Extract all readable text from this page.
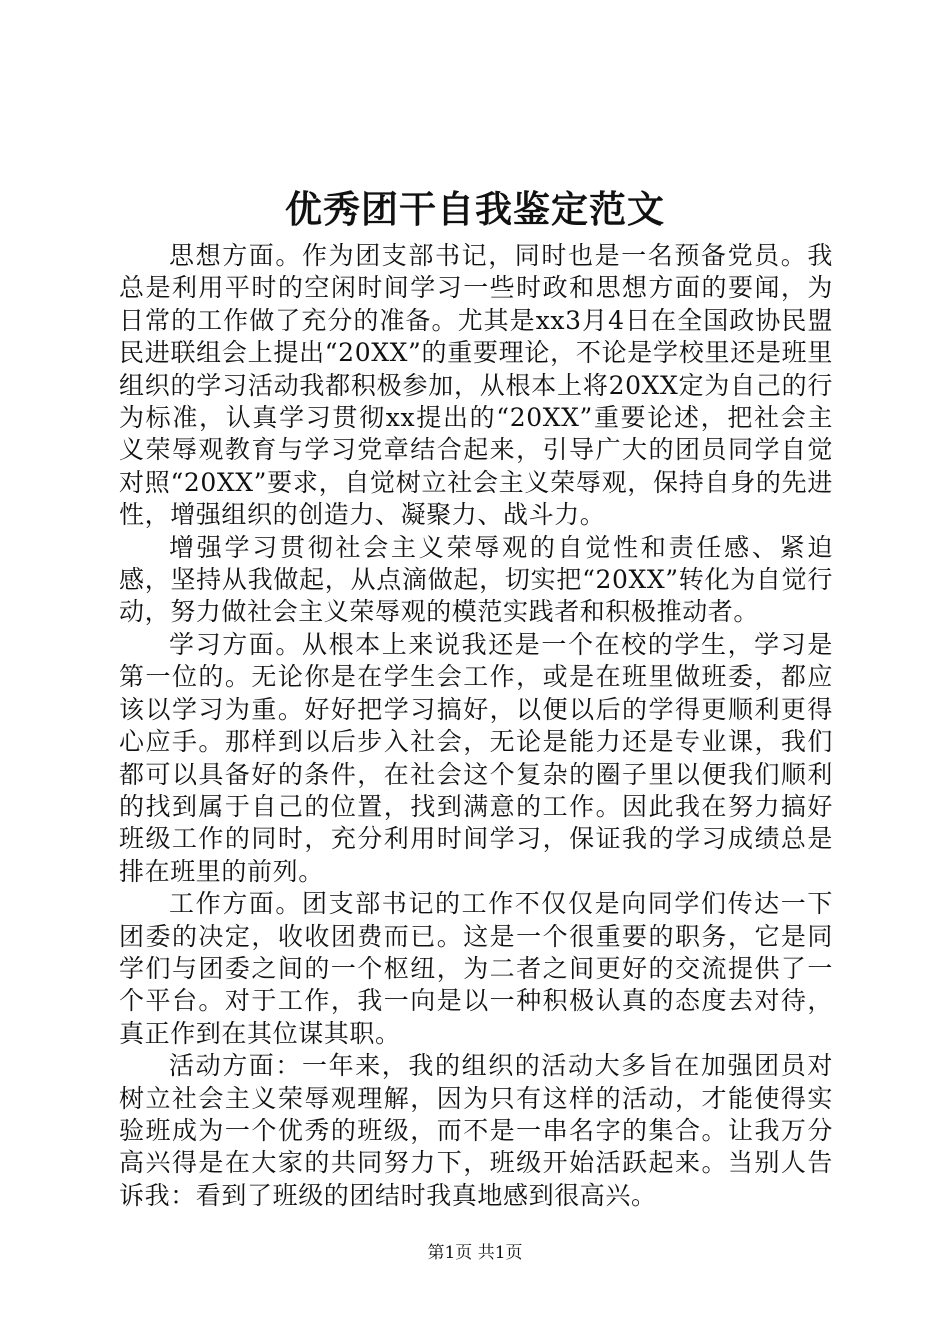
优秀团干自我鉴定范文

思想方面。作为团支部书记，同时也是一名预备党员。我总是利用平时的空闲时间学习一些时政和思想方面的要闻，为日常的工作做了充分的准备。尤其是xx3月4日在全国政协民盟民进联组会上提出“20XX”的重要理论，不论是学校里还是班里组织的学习活动我都积极参加，从根本上将20XX定为自己的行为标准，认真学习贯彻xx提出的“20XX”重要论述，把社会主义荣辱观教育与学习党章结合起来，引导广大的团员同学自觉对照“20XX”要求，自觉树立社会主义荣辱观，保持自身的先进性，增强组织的创造力、凝聚力、战斗力。

增强学习贯彻社会主义荣辱观的自觉性和责任感、紧迫感，坚持从我做起，从点滴做起，切实把“20XX”转化为自觉行动，努力做社会主义荣辱观的模范实践者和积极推动者。

学习方面。从根本上来说我还是一个在校的学生，学习是第一位的。无论你是在学生会工作，或是在班里做班委，都应该以学习为重。好好把学习搞好，以便以后的学得更顺利更得心应手。那样到以后步入社会，无论是能力还是专业课，我们都可以具备好的条件，在社会这个复杂的圈子里以便我们顺利的找到属于自己的位置，找到满意的工作。因此我在努力搞好班级工作的同时，充分利用时间学习，保证我的学习成绩总是排在班里的前列。

工作方面。团支部书记的工作不仅仅是向同学们传达一下团委的决定，收收团费而已。这是一个很重要的职务，它是同学们与团委之间的一个枢纽，为二者之间更好的交流提供了一个平台。对于工作，我一向是以一种积极认真的态度去对待，真正作到在其位谋其职。

活动方面：一年来，我的组织的活动大多旨在加强团员对树立社会主义荣辱观理解，因为只有这样的活动，才能使得实验班成为一个优秀的班级，而不是一串名字的集合。让我万分高兴得是在大家的共同努力下，班级开始活跃起来。当别人告诉我：看到了班级的团结时我真地感到很高兴。

第1页 共1页
